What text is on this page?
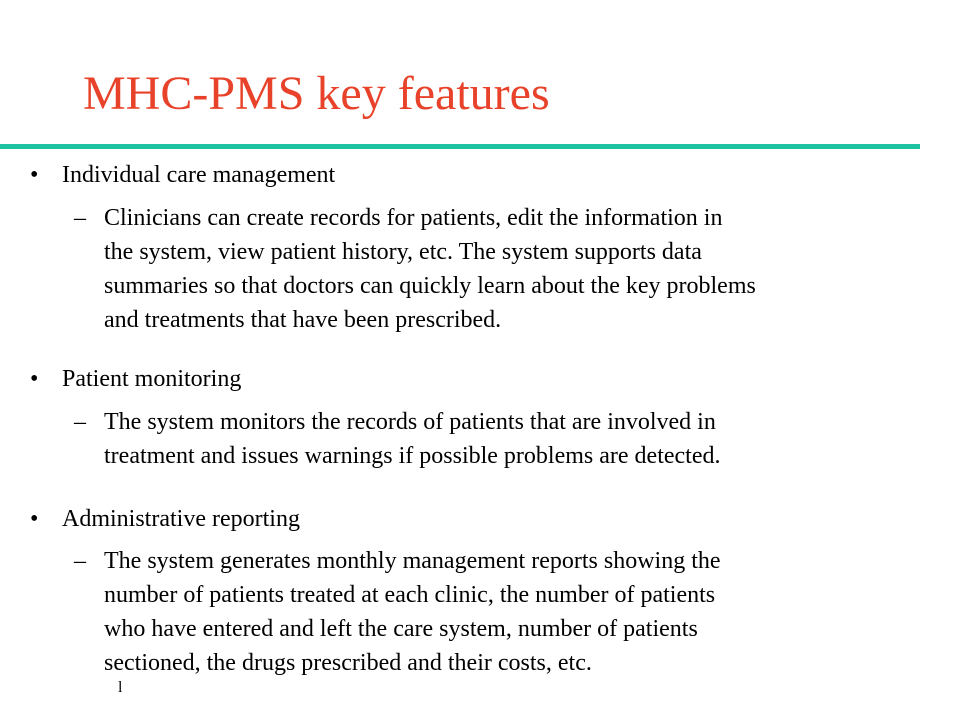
MHC-PMS key features
• Individual care management
– Clinicians can create records for patients, edit the information in
the system, view patient history, etc. The system supports data
summaries so that doctors can quickly learn about the key problems
and treatments that have been prescribed.
• Patient monitoring
– The system monitors the records of patients that are involved in
treatment and issues warnings if possible problems are detected.
• Administrative reporting
– The system generates monthly management reports showing the
number of patients treated at each clinic, the number of patients
who have entered and left the care system, number of patients
sectioned, the drugs prescribed and their costs, etc.
l
